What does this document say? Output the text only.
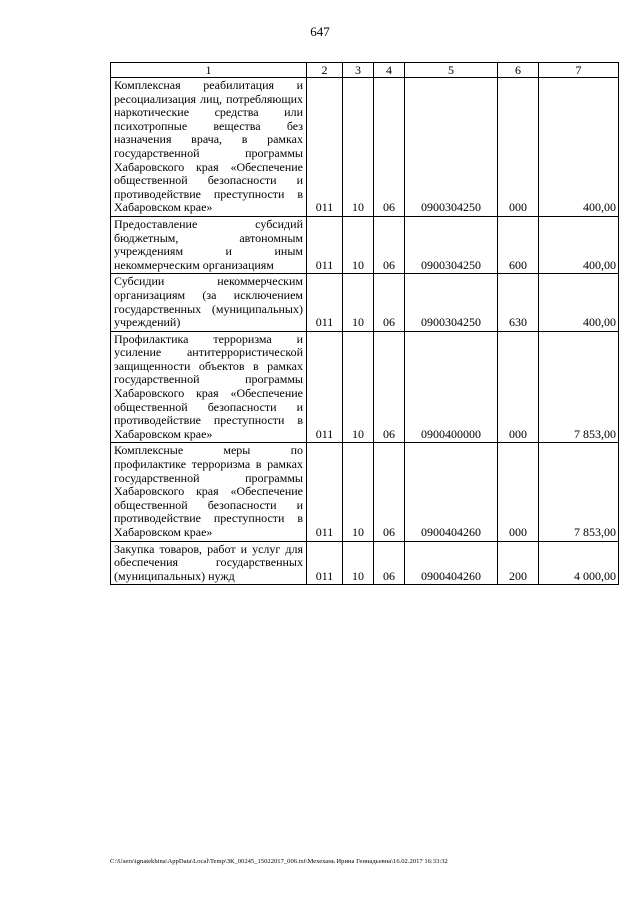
647
1	2	3	4	5	6	7
Комплексная реабилитация и ресоциализация лиц, потребляющих наркотические средства или психотропные вещества без назначения врача, в рамках государственной программы Хабаровского края «Обеспечение общественной безопасности и противодействие преступности в Хабаровском крае»	011	10	06	0900304250	000	400,00
Предоставление субсидий бюджетным, автономным учреждениям и иным некоммерческим организациям	011	10	06	0900304250	600	400,00
Субсидии некоммерческим организациям (за исключением государственных (муниципальных) учреждений)	011	10	06	0900304250	630	400,00
Профилактика терроризма и усиление антитеррористической защищенности объектов в рамках государственной программы Хабаровского края «Обеспечение общественной безопасности и противодействие преступности в Хабаровском крае»	011	10	06	0900400000	000	7 853,00
Комплексные меры по профилактике терроризма в рамках государственной программы Хабаровского края «Обеспечение общественной безопасности и противодействие преступности в Хабаровском крае»	011	10	06	0900404260	000	7 853,00
Закупка товаров, работ и услуг для обеспечения государственных (муниципальных) нужд	011	10	06	0900404260	200	4 000,00
C:\Users\ignatekhina\AppData\Local\Temp\ЗК_00245_15022017_006.txt\Мехехань Ирина Геннадьевна\16.02.2017 16:33:32
